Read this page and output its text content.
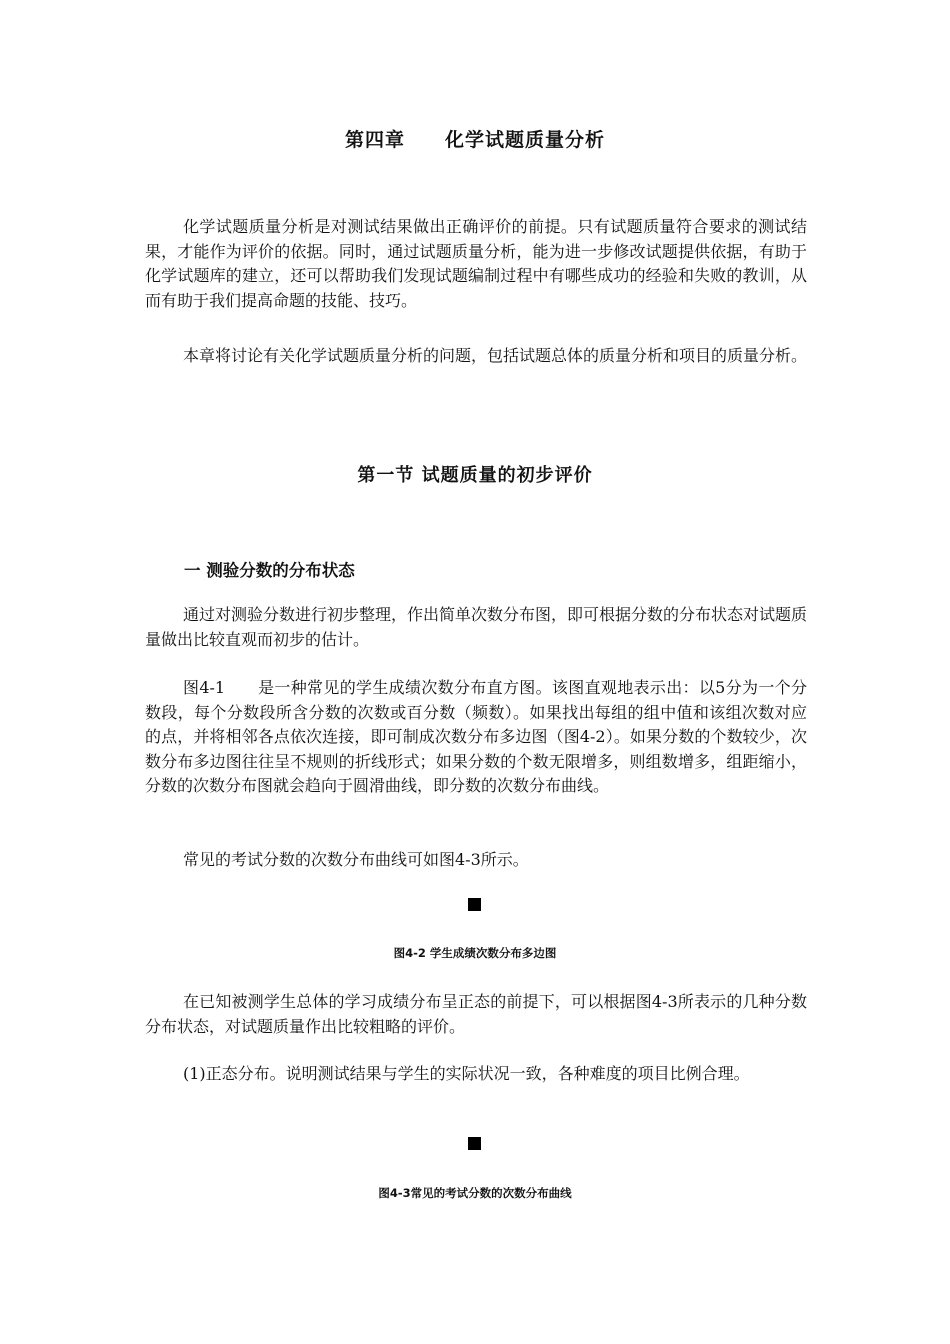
第四章　　化学试题质量分析

化学试题质量分析是对测试结果做出正确评价的前提。只有试题质量符合要求的测试结果，才能作为评价的依据。同时，通过试题质量分析，能为进一步修改试题提供依据，有助于化学试题库的建立，还可以帮助我们发现试题编制过程中有哪些成功的经验和失败的教训，从而有助于我们提高命题的技能、技巧。

本章将讨论有关化学试题质量分析的问题，包括试题总体的质量分析和项目的质量分析。

第一节 试题质量的初步评价
一 测验分数的分布状态

通过对测验分数进行初步整理，作出简单次数分布图，即可根据分数的分布状态对试题质量做出比较直观而初步的估计。

图4-1　　是一种常见的学生成绩次数分布直方图。该图直观地表示出：以5分为一个分数段，每个分数段所含分数的次数或百分数（频数）。如果找出每组的组中值和该组次数对应的点，并将相邻各点依次连接，即可制成次数分布多边图（图4-2）。如果分数的个数较少，次数分布多边图往往呈不规则的折线形式；如果分数的个数无限增多，则组数增多，组距缩小，分数的次数分布图就会趋向于圆滑曲线，即分数的次数分布曲线。

常见的考试分数的次数分布曲线可如图4-3所示。

图4-2 学生成绩次数分布多边图

在已知被测学生总体的学习成绩分布呈正态的前提下，可以根据图4-3所表示的几种分数分布状态，对试题质量作出比较粗略的评价。

(1)正态分布。说明测试结果与学生的实际状况一致，各种难度的项目比例合理。

图4-3常见的考试分数的次数分布曲线
